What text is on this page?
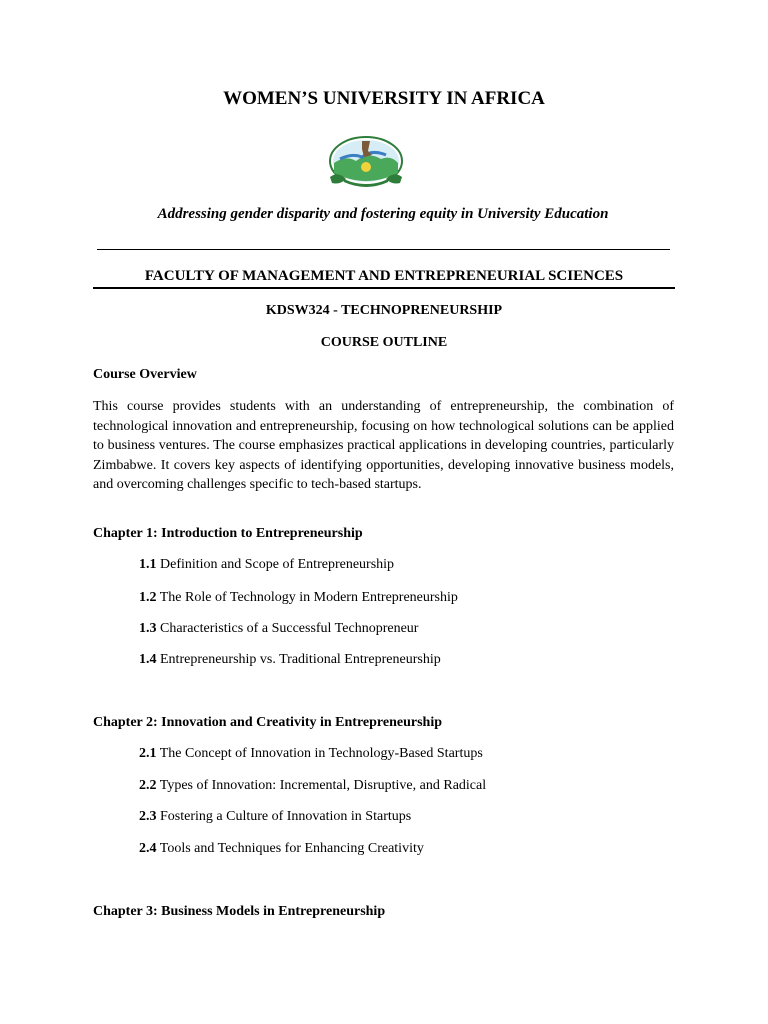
WOMEN’S UNIVERSITY IN AFRICA
Addressing gender disparity and fostering equity in University Education
FACULTY OF MANAGEMENT AND ENTREPRENEURIAL SCIENCES
KDSW324 - TECHNOPRENEURSHIP
COURSE OUTLINE
Course Overview
This course provides students with an understanding of entrepreneurship, the combination of technological innovation and entrepreneurship, focusing on how technological solutions can be applied to business ventures. The course emphasizes practical applications in developing countries, particularly Zimbabwe. It covers key aspects of identifying opportunities, developing innovative business models, and overcoming challenges specific to tech-based startups.
Chapter 1: Introduction to Entrepreneurship
1.1 Definition and Scope of Entrepreneurship
1.2 The Role of Technology in Modern Entrepreneurship
1.3 Characteristics of a Successful Technopreneur
1.4 Entrepreneurship vs. Traditional Entrepreneurship
Chapter 2: Innovation and Creativity in Entrepreneurship
2.1 The Concept of Innovation in Technology-Based Startups
2.2 Types of Innovation: Incremental, Disruptive, and Radical
2.3 Fostering a Culture of Innovation in Startups
2.4 Tools and Techniques for Enhancing Creativity
Chapter 3: Business Models in Entrepreneurship
